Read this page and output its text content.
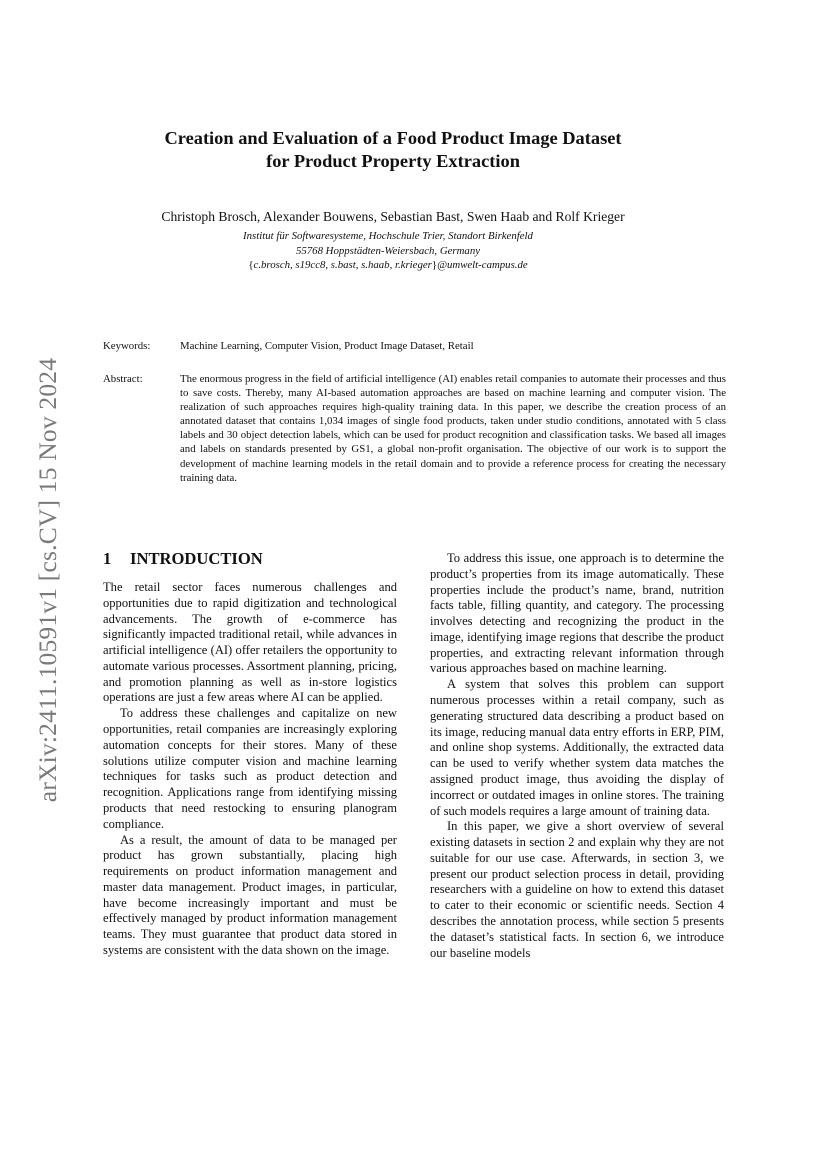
arXiv:2411.10591v1 [cs.CV] 15 Nov 2024
Creation and Evaluation of a Food Product Image Dataset
for Product Property Extraction
Christoph Brosch, Alexander Bouwens, Sebastian Bast, Swen Haab and Rolf Krieger
Institut für Softwaresysteme, Hochschule Trier, Standort Birkenfeld
55768 Hoppstädten-Weiersbach, Germany
{c.brosch, s19cc8, s.bast, s.haab, r.krieger}@umwelt-campus.de
Keywords:	Machine Learning, Computer Vision, Product Image Dataset, Retail
Abstract:	The enormous progress in the field of artificial intelligence (AI) enables retail companies to automate their processes and thus to save costs. Thereby, many AI-based automation approaches are based on machine learning and computer vision. The realization of such approaches requires high-quality training data. In this paper, we describe the creation process of an annotated dataset that contains 1,034 images of single food products, taken under studio conditions, annotated with 5 class labels and 30 object detection labels, which can be used for product recognition and classification tasks. We based all images and labels on standards presented by GS1, a global non-profit organisation. The objective of our work is to support the development of machine learning models in the retail domain and to provide a reference process for creating the necessary training data.
1 INTRODUCTION

The retail sector faces numerous challenges and opportunities due to rapid digitization and technological advancements. The growth of e-commerce has significantly impacted traditional retail, while advances in artificial intelligence (AI) offer retailers the opportunity to automate various processes. Assortment planning, pricing, and promotion planning as well as in-store logistics operations are just a few areas where AI can be applied.

To address these challenges and capitalize on new opportunities, retail companies are increasingly exploring automation concepts for their stores. Many of these solutions utilize computer vision and machine learning techniques for tasks such as product detection and recognition. Applications range from identifying missing products that need restocking to ensuring planogram compliance.

As a result, the amount of data to be managed per product has grown substantially, placing high requirements on product information management and master data management. Product images, in particular, have become increasingly important and must be effectively managed by product information management teams. They must guarantee that product data stored in systems are consistent with the data shown on the image.

To address this issue, one approach is to determine the product’s properties from its image automatically. These properties include the product’s name, brand, nutrition facts table, filling quantity, and category. The processing involves detecting and recognizing the product in the image, identifying image regions that describe the product properties, and extracting relevant information through various approaches based on machine learning.

A system that solves this problem can support numerous processes within a retail company, such as generating structured data describing a product based on its image, reducing manual data entry efforts in ERP, PIM, and online shop systems. Additionally, the extracted data can be used to verify whether system data matches the assigned product image, thus avoiding the display of incorrect or outdated images in online stores. The training of such models requires a large amount of training data.

In this paper, we give a short overview of several existing datasets in section 2 and explain why they are not suitable for our use case. Afterwards, in section 3, we present our product selection process in detail, providing researchers with a guideline on how to extend this dataset to cater to their economic or scientific needs. Section 4 describes the annotation process, while section 5 presents the dataset’s statistical facts. In section 6, we introduce our baseline models
